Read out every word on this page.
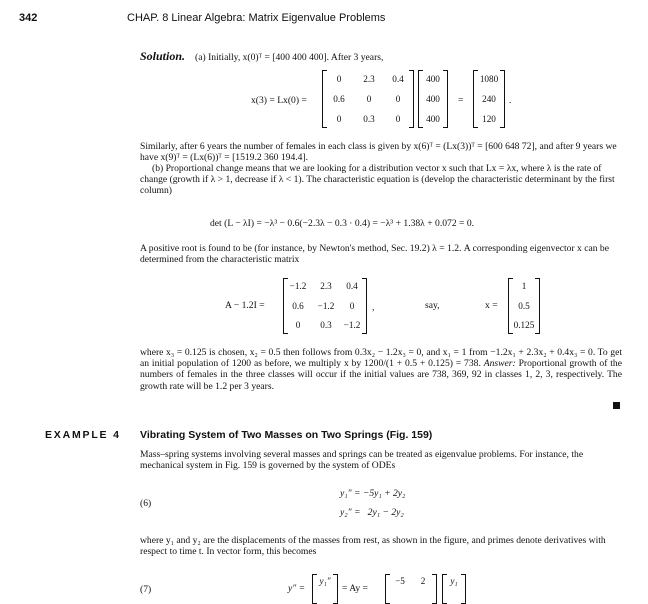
342	CHAP. 8 Linear Algebra: Matrix Eigenvalue Problems
Solution. (a) Initially, x(0)ᵀ = [400 400 400]. After 3 years,
x(3) = Lx(0) =
0	2.3	0.4
0.6	0	0
0	0.3	0
400
400
400
=
1080
240
120
.
Similarly, after 6 years the number of females in each class is given by x(6)ᵀ = (Lx(3))ᵀ = [600 648 72], and after 9 years we have x(9)ᵀ = (Lx(6))ᵀ = [1519.2 360 194.4].
(b) Proportional change means that we are looking for a distribution vector x such that Lx = λx, where λ is the rate of change (growth if λ > 1, decrease if λ < 1). The characteristic equation is (develop the characteristic determinant by the first column)
det (L − λI) = −λ³ − 0.6(−2.3λ − 0.3 · 0.4) = −λ³ + 1.38λ + 0.072 = 0.
A positive root is found to be (for instance, by Newton's method, Sec. 19.2) λ = 1.2. A corresponding eigenvector x can be determined from the characteristic matrix
A − 1.2I =
−1.2	2.3	0.4
0.6	−1.2	0
0	0.3	−1.2
,	say,	x =
1
0.5
0.125
where x₃ = 0.125 is chosen, x₂ = 0.5 then follows from 0.3x₂ − 1.2x₃ = 0, and x₁ = 1 from −1.2x₁ + 2.3x₂ + 0.4x₃ = 0. To get an initial population of 1200 as before, we multiply x by 1200/(1 + 0.5 + 0.125) = 738. Answer: Proportional growth of the numbers of females in the three classes will occur if the initial values are 738, 369, 92 in classes 1, 2, 3, respectively. The growth rate will be 1.2 per 3 years.
EXAMPLE 4 Vibrating System of Two Masses on Two Springs (Fig. 159)
Mass–spring systems involving several masses and springs can be treated as eigenvalue problems. For instance, the mechanical system in Fig. 159 is governed by the system of ODEs
(6)
y₁″ = −5y₁ + 2y₂
y₂″ =   2y₁ − 2y₂
where y₁ and y₂ are the displacements of the masses from rest, as shown in the figure, and primes denote derivatives with respect to time t. In vector form, this becomes
(7)	y″ =
y₁″
= Ay =
−5	2	y₁
